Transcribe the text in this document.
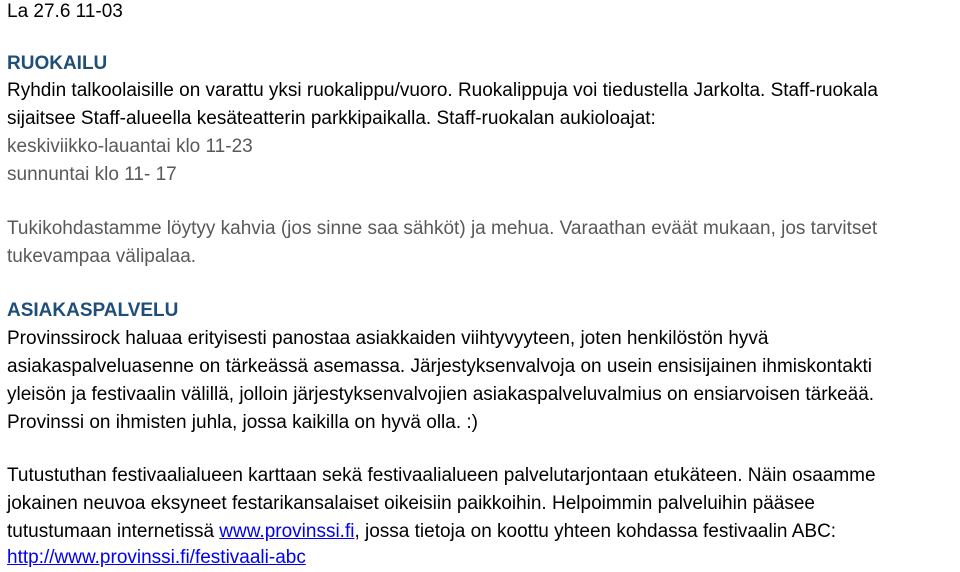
La 27.6 11-03
RUOKAILU
Ryhdin talkoolaisille on varattu yksi ruokalippu/vuoro. Ruokalippuja voi tiedustella Jarkolta. Staff-ruokala
sijaitsee Staff-alueella kesäteatterin parkkipaikalla. Staff-ruokalan aukioloajat:
keskiviikko-lauantai klo 11-23
sunnuntai klo 11- 17
Tukikohdastamme löytyy kahvia (jos sinne saa sähköt) ja mehua. Varaathan eväät mukaan, jos tarvitset
tukevampaa välipalaa.
ASIAKASPALVELU
Provinssirock haluaa erityisesti panostaa asiakkaiden viihtyvyyteen, joten henkilöstön hyvä
asiakaspalveluasenne on tärkeässä asemassa. Järjestyksenvalvoja on usein ensisijainen ihmiskontakti
yleisön ja festivaalin välillä, jolloin järjestyksenvalvojien asiakaspalveluvalmius on ensiarvoisen tärkeää.
Provinssi on ihmisten juhla, jossa kaikilla on hyvä olla. :)
Tutustuthan festivaalialueen karttaan sekä festivaalialueen palvelutarjontaan etukäteen. Näin osaamme
jokainen neuvoa eksyneet festarikansalaiset oikeisiin paikkoihin. Helpoimmin palveluihin pääsee
tutustumaan internetissä www.provinssi.fi, jossa tietoja on koottu yhteen kohdassa festivaalin ABC:
http://www.provinssi.fi/festivaali-abc
